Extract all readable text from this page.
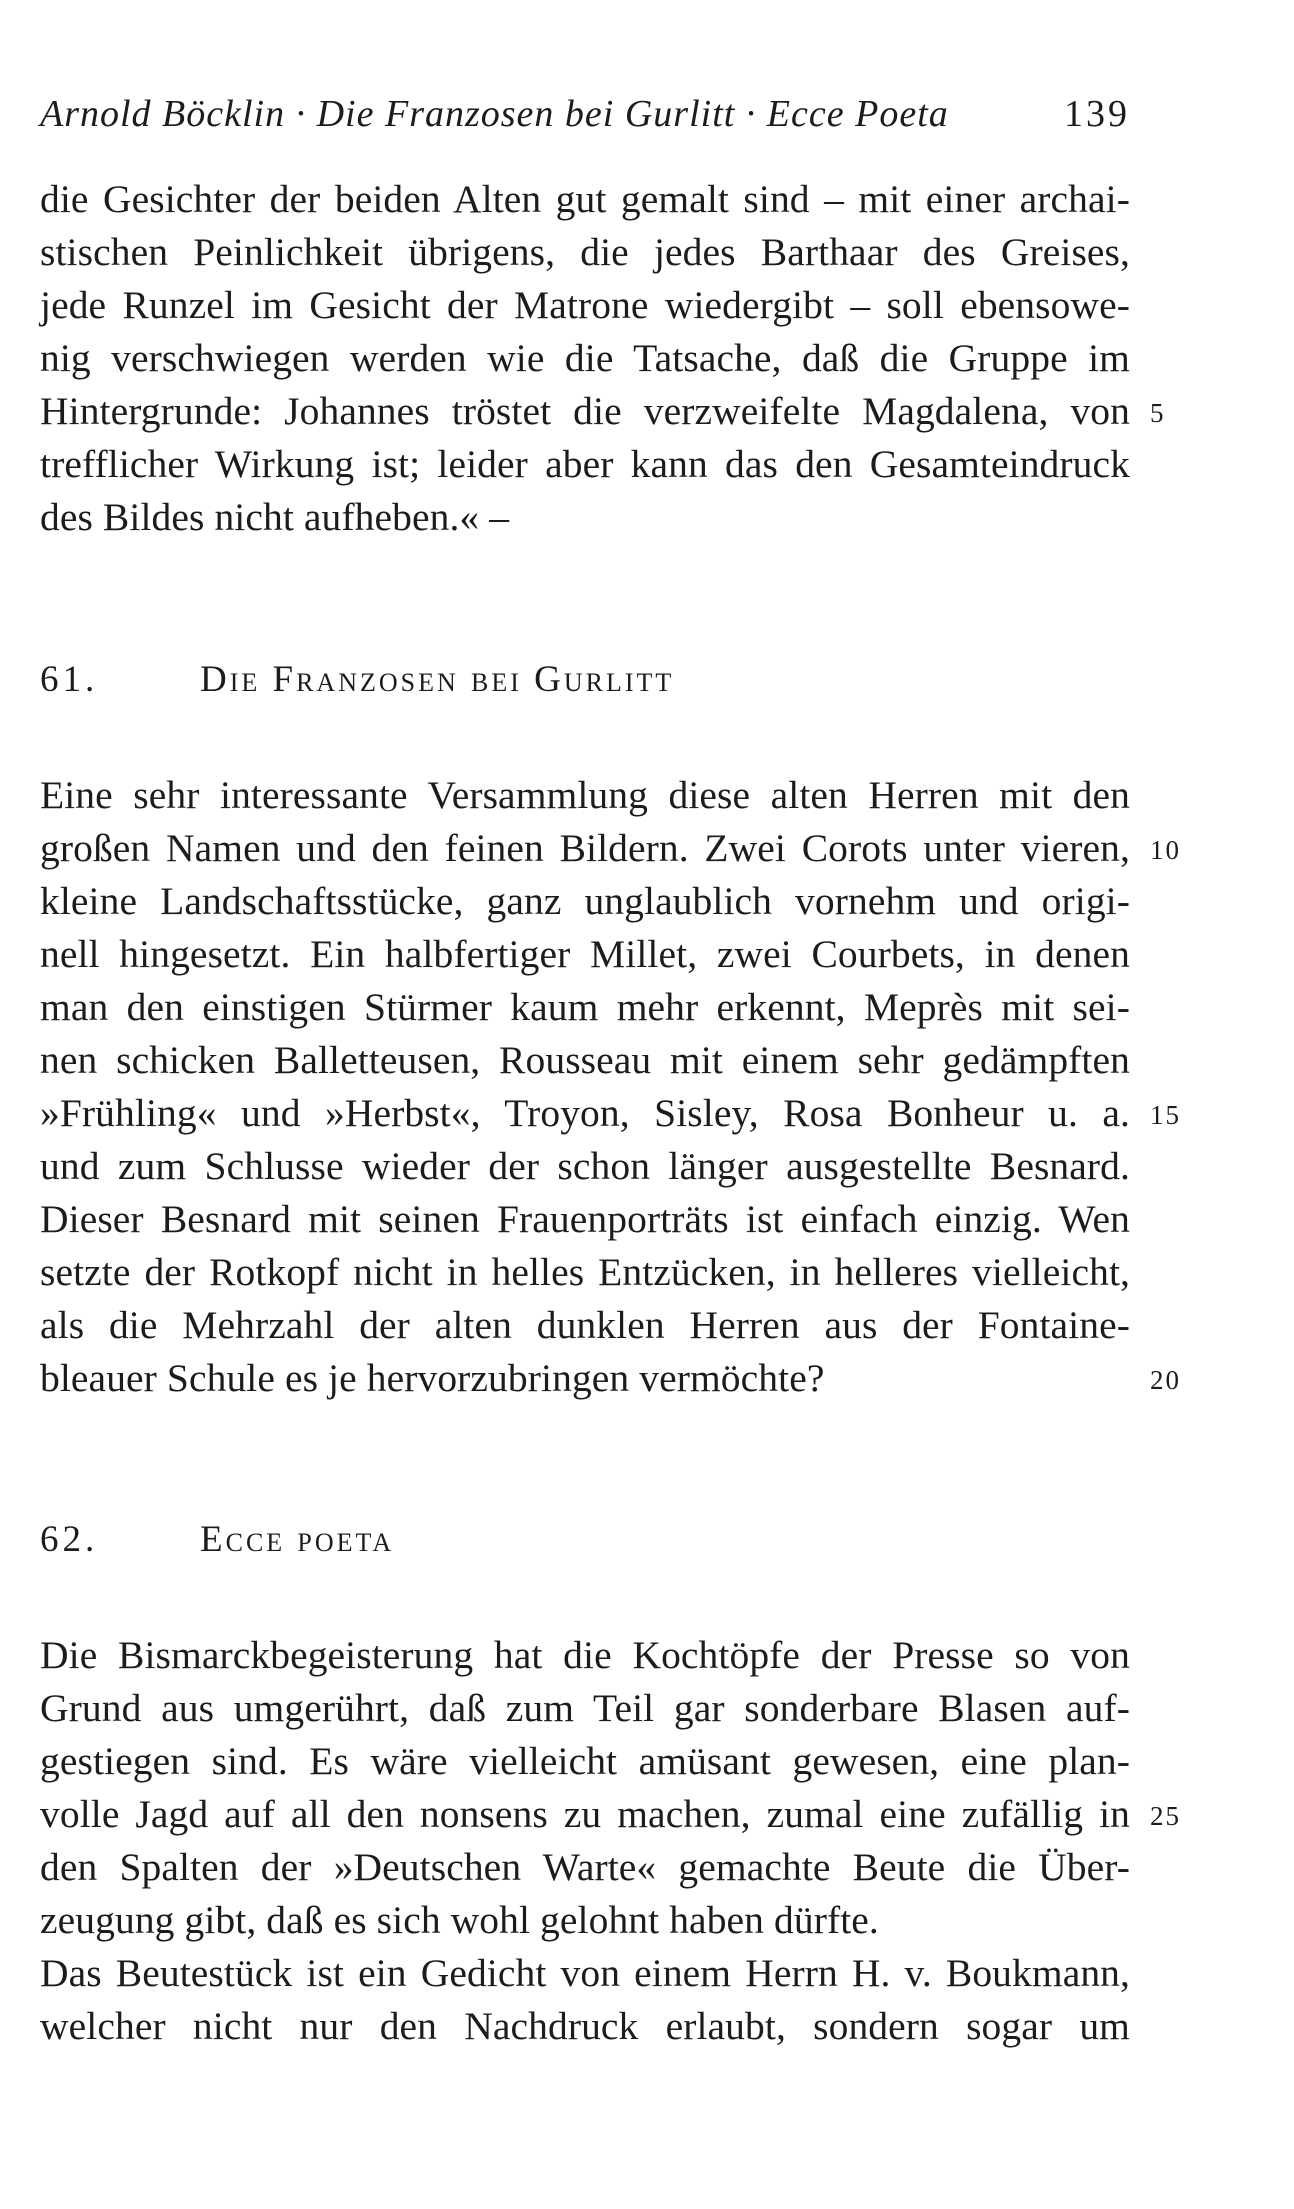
Arnold Böcklin · Die Franzosen bei Gurlitt · Ecce Poeta	139
die Gesichter der beiden Alten gut gemalt sind – mit einer archai-
stischen Peinlichkeit übrigens, die jedes Barthaar des Greises,
jede Runzel im Gesicht der Matrone wiedergibt – soll ebensowe-
nig verschwiegen werden wie die Tatsache, daß die Gruppe im
Hintergrunde: Johannes tröstet die verzweifelte Magdalena, von 5
trefflicher Wirkung ist; leider aber kann das den Gesamteindruck
des Bildes nicht aufheben.« –
61.	Die Franzosen bei Gurlitt
Eine sehr interessante Versammlung diese alten Herren mit den
großen Namen und den feinen Bildern. Zwei Corots unter vieren, 10
kleine Landschaftsstücke, ganz unglaublich vornehm und origi-
nell hingesetzt. Ein halbfertiger Millet, zwei Courbets, in denen
man den einstigen Stürmer kaum mehr erkennt, Meprès mit sei-
nen schicken Balletteusen, Rousseau mit einem sehr gedämpften
»Frühling« und »Herbst«, Troyon, Sisley, Rosa Bonheur u. a. 15
und zum Schlusse wieder der schon länger ausgestellte Besnard.
Dieser Besnard mit seinen Frauenporträts ist einfach einzig. Wen
setzte der Rotkopf nicht in helles Entzücken, in helleres vielleicht,
als die Mehrzahl der alten dunklen Herren aus der Fontaine-
bleauer Schule es je hervorzubringen vermöchte?	20
62.	Ecce poeta
Die Bismarckbegeisterung hat die Kochtöpfe der Presse so von
Grund aus umgerührt, daß zum Teil gar sonderbare Blasen auf-
gestiegen sind. Es wäre vielleicht amüsant gewesen, eine plan-
volle Jagd auf all den nonsens zu machen, zumal eine zufällig in 25
den Spalten der »Deutschen Warte« gemachte Beute die Über-
zeugung gibt, daß es sich wohl gelohnt haben dürfte.
Das Beutestück ist ein Gedicht von einem Herrn H. v. Boukmann,
welcher nicht nur den Nachdruck erlaubt, sondern sogar um
